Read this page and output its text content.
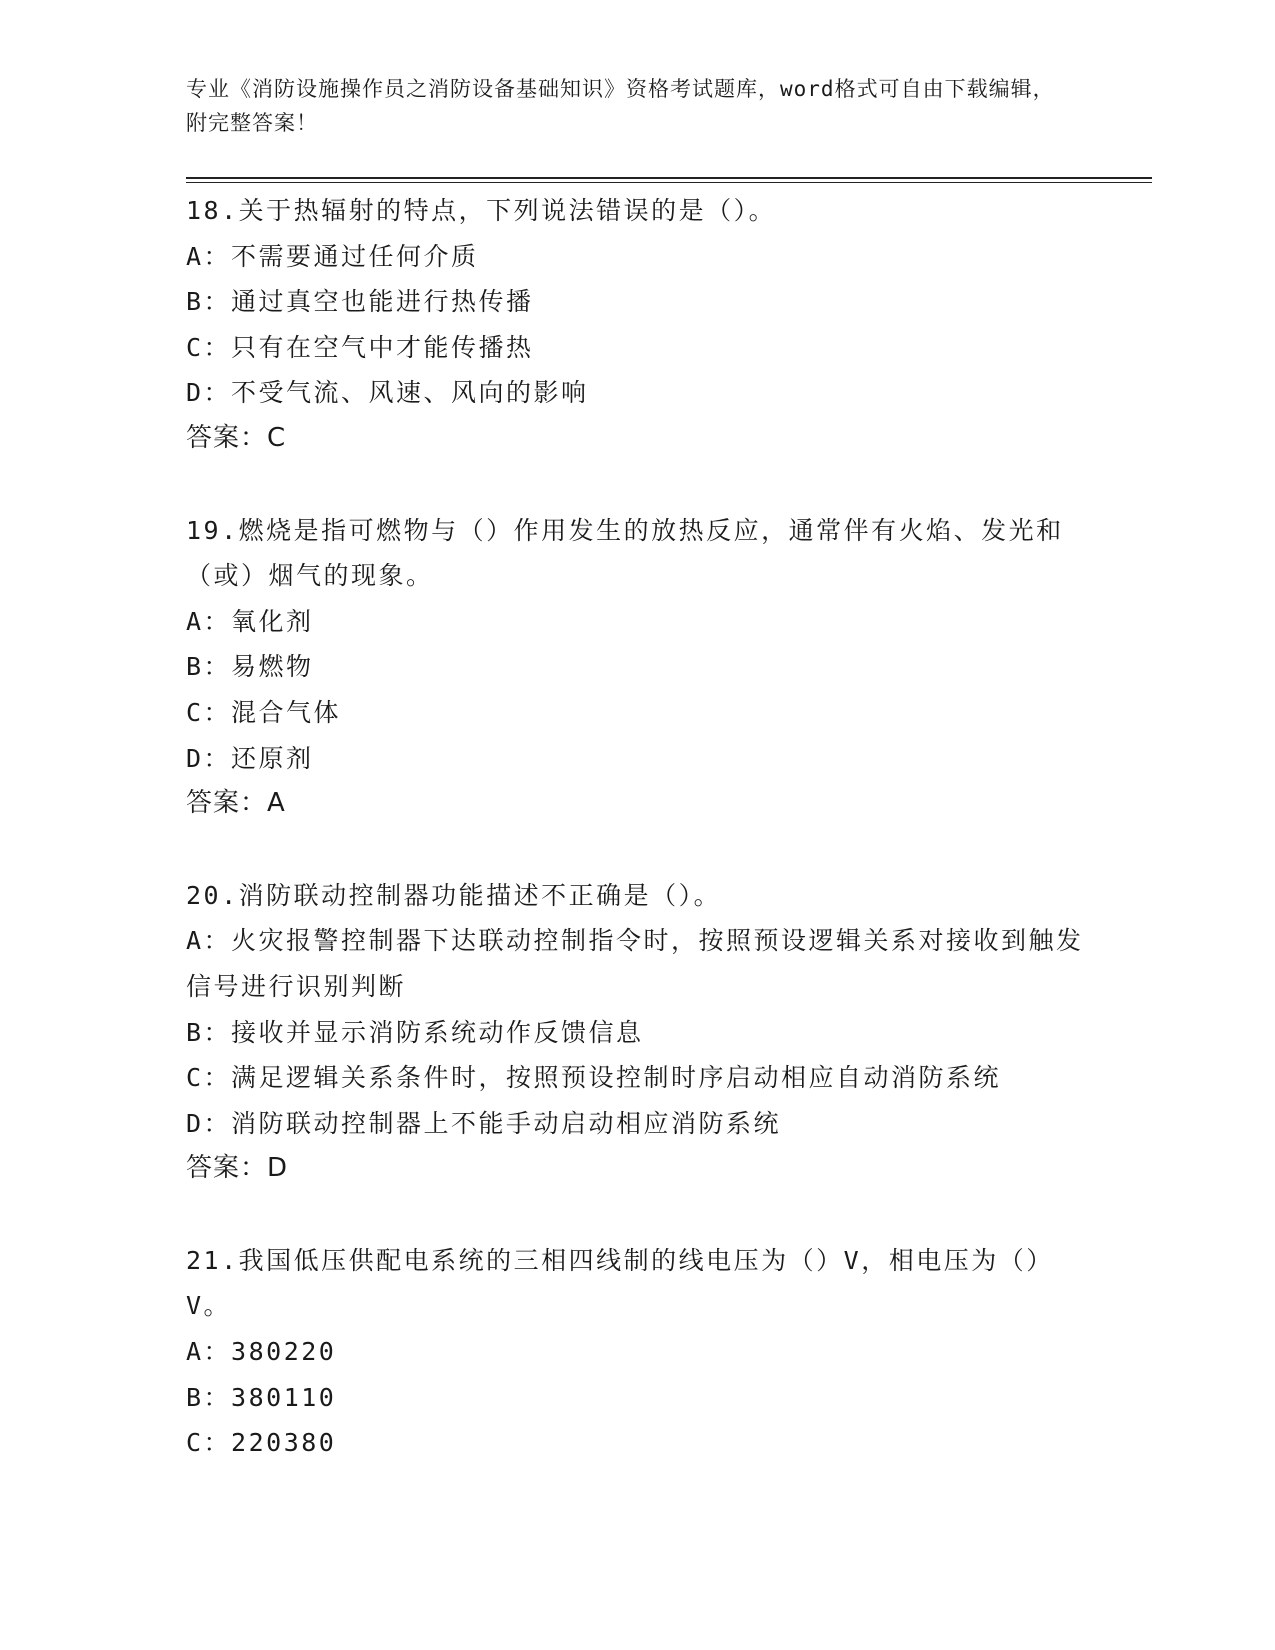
专业《消防设施操作员之消防设备基础知识》资格考试题库，word格式可自由下载编辑，附完整答案！
18.关于热辐射的特点，下列说法错误的是（）。
A：不需要通过任何介质
B：通过真空也能进行热传播
C：只有在空气中才能传播热
D：不受气流、风速、风向的影响
答案：C
19.燃烧是指可燃物与（）作用发生的放热反应，通常伴有火焰、发光和（或）烟气的现象。
A：氧化剂
B：易燃物
C：混合气体
D：还原剂
答案：A
20.消防联动控制器功能描述不正确是（）。
A：火灾报警控制器下达联动控制指令时，按照预设逻辑关系对接收到触发信号进行识别判断
B：接收并显示消防系统动作反馈信息
C：满足逻辑关系条件时，按照预设控制时序启动相应自动消防系统
D：消防联动控制器上不能手动启动相应消防系统
答案：D
21.我国低压供配电系统的三相四线制的线电压为（）V，相电压为（）V。
A：380220
B：380110
C：220380
